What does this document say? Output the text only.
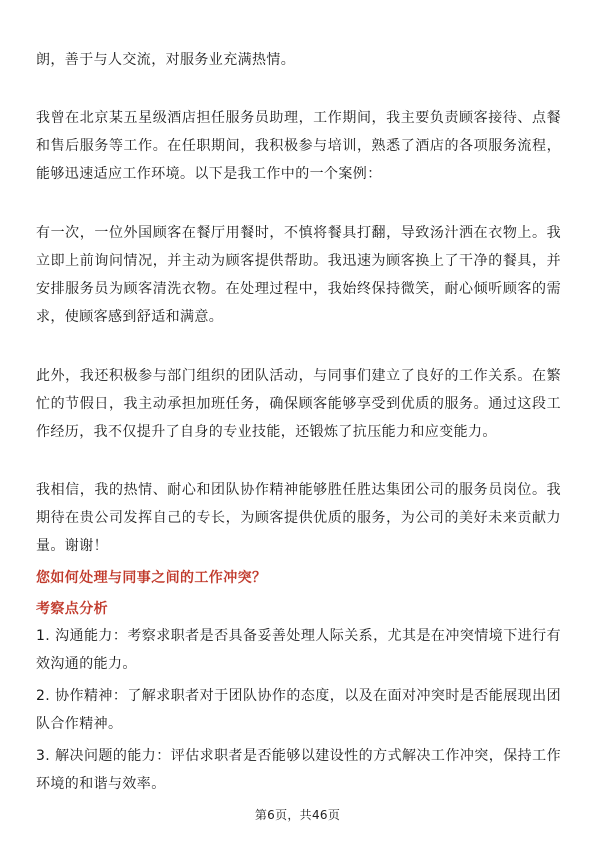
朗，善于与人交流，对服务业充满热情。

我曾在北京某五星级酒店担任服务员助理，工作期间，我主要负责顾客接待、点餐和售后服务等工作。在任职期间，我积极参与培训，熟悉了酒店的各项服务流程，能够迅速适应工作环境。以下是我工作中的一个案例：

有一次，一位外国顾客在餐厅用餐时，不慎将餐具打翻，导致汤汁洒在衣物上。我立即上前询问情况，并主动为顾客提供帮助。我迅速为顾客换上了干净的餐具，并安排服务员为顾客清洗衣物。在处理过程中，我始终保持微笑，耐心倾听顾客的需求，使顾客感到舒适和满意。

此外，我还积极参与部门组织的团队活动，与同事们建立了良好的工作关系。在繁忙的节假日，我主动承担加班任务，确保顾客能够享受到优质的服务。通过这段工作经历，我不仅提升了自身的专业技能，还锻炼了抗压能力和应变能力。

我相信，我的热情、耐心和团队协作精神能够胜任胜达集团公司的服务员岗位。我期待在贵公司发挥自己的专长，为顾客提供优质的服务，为公司的美好未来贡献力量。谢谢！

您如何处理与同事之间的工作冲突？
考察点分析
1. 沟通能力：考察求职者是否具备妥善处理人际关系，尤其是在冲突情境下进行有效沟通的能力。
2. 协作精神：了解求职者对于团队协作的态度，以及在面对冲突时是否能展现出团队合作精神。
3. 解决问题的能力：评估求职者是否能够以建设性的方式解决工作冲突，保持工作环境的和谐与效率。
第6页，共46页
